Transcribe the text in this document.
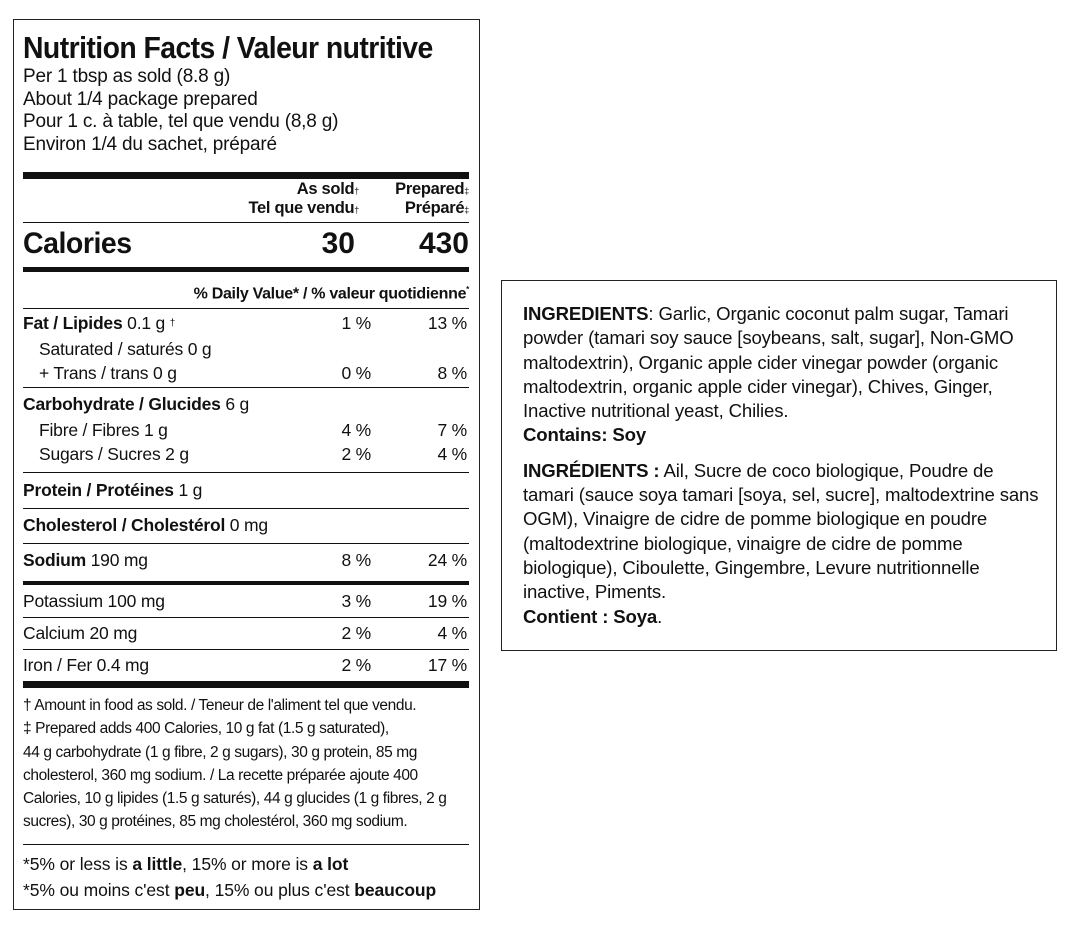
Nutrition Facts / Valeur nutritive
Per 1 tbsp as sold (8.8 g)
About 1/4 package prepared
Pour 1 c. à table, tel que vendu (8,8 g)
Environ 1/4 du sachet, préparé
As sold†
Tel que vendu†
Prepared‡
Préparé‡
Calories	30 430
% Daily Value* / % valeur quotidienne*
Fat / Lipides 0.1 g †	1 %	13 %
Saturated / saturés 0 g
+ Trans / trans 0 g	0 %	8 %
Carbohydrate / Glucides 6 g
Fibre / Fibres 1 g	4 %	7 %
Sugars / Sucres 2 g	2 %	4 %
Protein / Protéines 1 g
Cholesterol / Cholestérol 0 mg
Sodium 190 mg	8 %	24 %
Potassium 100 mg	3 %	19 %
Calcium 20 mg	2 %	4 %
Iron / Fer 0.4 mg	2 %	17 %
† Amount in food as sold. / Teneur de l'aliment tel que vendu.
‡ Prepared adds 400 Calories, 10 g fat (1.5 g saturated),
44 g carbohydrate (1 g fibre, 2 g sugars), 30 g protein, 85 mg
cholesterol, 360 mg sodium. / La recette préparée ajoute 400
Calories, 10 g lipides (1.5 g saturés), 44 g glucides (1 g fibres, 2 g
sucres), 30 g protéines, 85 mg cholestérol, 360 mg sodium.
*5% or less is a little, 15% or more is a lot
*5% ou moins c'est peu, 15% ou plus c'est beaucoup

INGREDIENTS: Garlic, Organic coconut palm sugar, Tamari powder (tamari soy sauce [soybeans, salt, sugar], Non-GMO maltodextrin), Organic apple cider vinegar powder (organic maltodextrin, organic apple cider vinegar), Chives, Ginger, Inactive nutritional yeast, Chilies.
Contains: Soy

INGRÉDIENTS : Ail, Sucre de coco biologique, Poudre de tamari (sauce soya tamari [soya, sel, sucre], maltodextrine sans OGM), Vinaigre de cidre de pomme biologique en poudre (maltodextrine biologique, vinaigre de cidre de pomme biologique), Ciboulette, Gingembre, Levure nutritionnelle inactive, Piments.
Contient : Soya.
